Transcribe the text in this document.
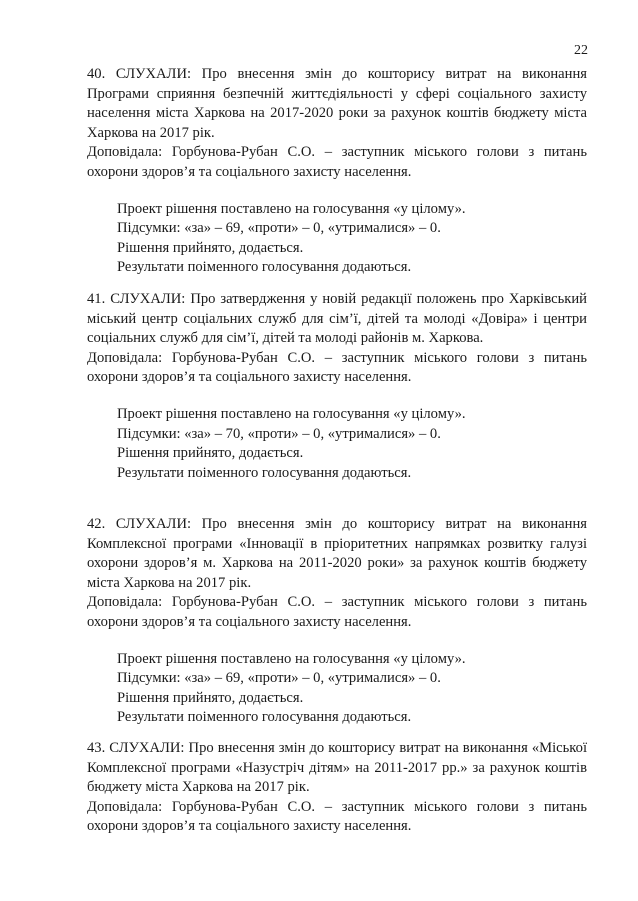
22

40. СЛУХАЛИ: Про внесення змін до кошторису витрат на виконання Програми сприяння безпечній життєдіяльності у сфері соціального захисту населення міста Харкова на 2017-2020 роки за рахунок коштів бюджету міста Харкова на 2017 рік.

Доповідала: Горбунова-Рубан С.О. – заступник міського голови з питань охорони здоров’я та соціального захисту населення.

Проект рішення поставлено на голосування «у цілому».
Підсумки: «за» – 69, «проти» – 0, «утрималися» – 0.
Рішення прийнято, додається.
Результати поіменного голосування додаються.

41. СЛУХАЛИ: Про затвердження у новій редакції положень про Харківський міський центр соціальних служб для сім’ї, дітей та молоді «Довіра» і центри соціальних служб для сім’ї, дітей та молоді районів м. Харкова.

Доповідала: Горбунова-Рубан С.О. – заступник міського голови з питань охорони здоров’я та соціального захисту населення.

Проект рішення поставлено на голосування «у цілому».
Підсумки: «за» – 70, «проти» – 0, «утрималися» – 0.
Рішення прийнято, додається.
Результати поіменного голосування додаються.

42. СЛУХАЛИ: Про внесення змін до кошторису витрат на виконання Комплексної програми «Інновації в пріоритетних напрямках розвитку галузі охорони здоров’я м. Харкова на 2011-2020 роки» за рахунок коштів бюджету міста Харкова на 2017 рік.

Доповідала: Горбунова-Рубан С.О. – заступник міського голови з питань охорони здоров’я та соціального захисту населення.

Проект рішення поставлено на голосування «у цілому».
Підсумки: «за» – 69, «проти» – 0, «утрималися» – 0.
Рішення прийнято, додається.
Результати поіменного голосування додаються.

43. СЛУХАЛИ: Про внесення змін до кошторису витрат на виконання «Міської Комплексної програми «Назустріч дітям» на 2011-2017 рр.» за рахунок коштів бюджету міста Харкова на 2017 рік.

Доповідала: Горбунова-Рубан С.О. – заступник міського голови з питань охорони здоров’я та соціального захисту населення.
